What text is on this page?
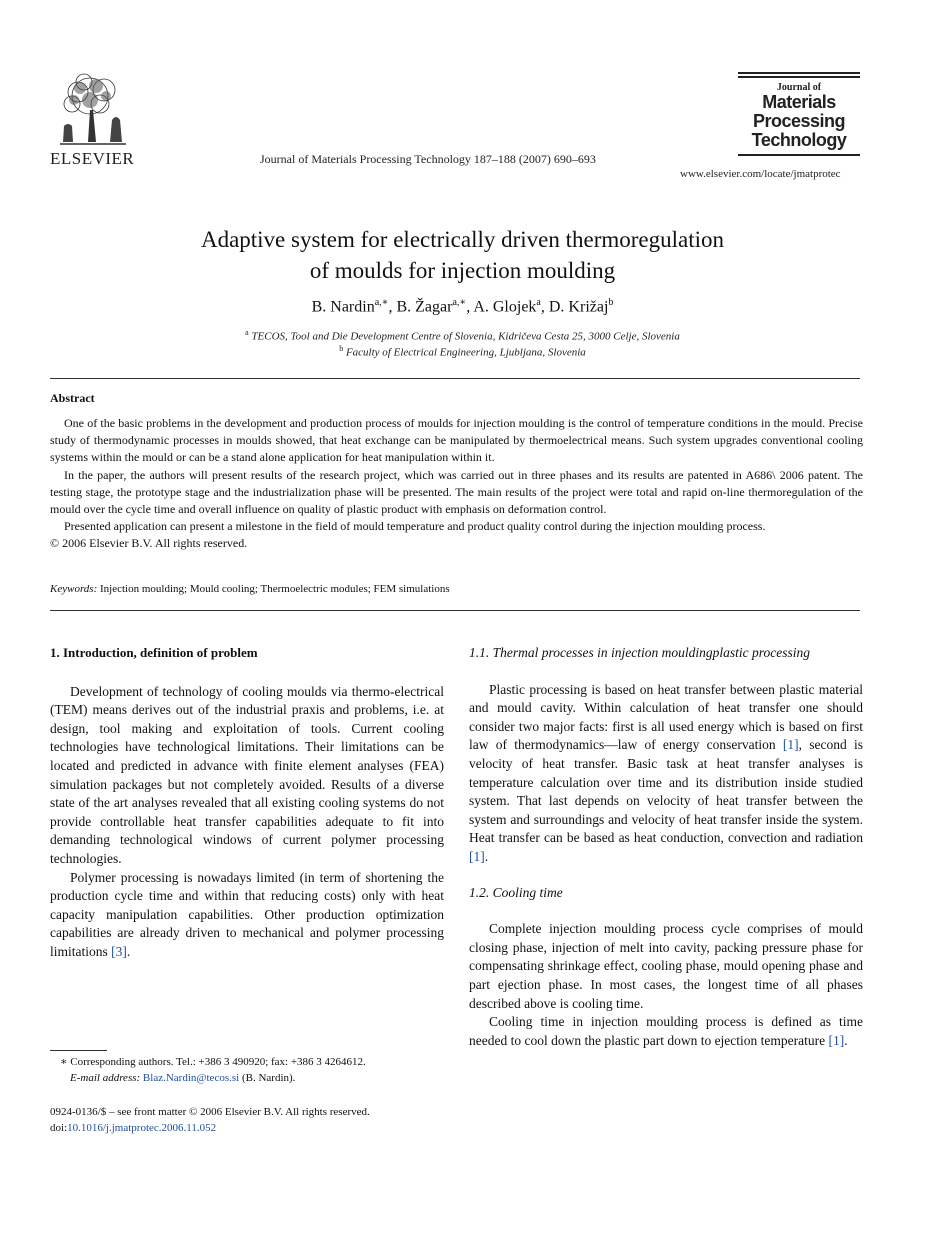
ELSEVIER	Journal of Materials Processing Technology 187–188 (2007) 690–693
Journal of
Materials
Processing
Technology
www.elsevier.com/locate/jmatprotec
Adaptive system for electrically driven thermoregulation
of moulds for injection moulding
B. Nardin$^{a,∗}$, B. Žagar$^{a,∗}$, A. Glojek$^a$, D. Križaj$^b$
$^a$ TECOS, Tool and Die Development Centre of Slovenia, Kidričeva Cesta 25, 3000 Celje, Slovenia
$^b$ Faculty of Electrical Engineering, Ljubljana, Slovenia
Abstract

One of the basic problems in the development and production process of moulds for injection moulding is the control of temperature conditions in the mould. Precise study of thermodynamic processes in moulds showed, that heat exchange can be manipulated by thermoelectrical means. Such system upgrades conventional cooling systems within the mould or can be a stand alone application for heat manipulation within it.

In the paper, the authors will present results of the research project, which was carried out in three phases and its results are patented in A686\ 2006 patent. The testing stage, the prototype stage and the industrialization phase will be presented. The main results of the project were total and rapid on-line thermoregulation of the mould over the cycle time and overall influence on quality of plastic product with emphasis on deformation control.

Presented application can present a milestone in the field of mould temperature and product quality control during the injection moulding process.

© 2006 Elsevier B.V. All rights reserved.

Keywords: Injection moulding; Mould cooling; Thermoelectric modules; FEM simulations
1. Introduction, definition of problem

Development of technology of cooling moulds via thermo-electrical (TEM) means derives out of the industrial praxis and problems, i.e. at design, tool making and exploitation of tools. Current cooling technologies have technological limitations. Their limitations can be located and predicted in advance with finite element analyses (FEA) simulation packages but not completely avoided. Results of a diverse state of the art analyses revealed that all existing cooling systems do not provide controllable heat transfer capabilities adequate to fit into demanding technological windows of current polymer processing technologies.

Polymer processing is nowadays limited (in term of shortening the production cycle time and within that reducing costs) only with heat capacity manipulation capabilities. Other production optimization capabilities are already driven to mechanical and polymer processing limitations [3].

1.1. Thermal processes in injection mouldingplastic processing

Plastic processing is based on heat transfer between plastic material and mould cavity. Within calculation of heat transfer one should consider two major facts: first is all used energy which is based on first law of thermodynamics—law of energy conservation [1], second is velocity of heat transfer. Basic task at heat transfer analyses is temperature calculation over time and its distribution inside studied system. That last depends on velocity of heat transfer between the system and surroundings and velocity of heat transfer inside the system. Heat transfer can be based as heat conduction, convection and radiation [1].

1.2. Cooling time

Complete injection moulding process cycle comprises of mould closing phase, injection of melt into cavity, packing pressure phase for compensating shrinkage effect, cooling phase, mould opening phase and part ejection phase. In most cases, the longest time of all phases described above is cooling time.

Cooling time in injection moulding process is defined as time needed to cool down the plastic part down to ejection temperature [1].

∗ Corresponding authors. Tel.: +386 3 490920; fax: +386 3 4264612.
E-mail address: Blaz.Nardin@tecos.si (B. Nardin).
0924-0136/$ – see front matter © 2006 Elsevier B.V. All rights reserved.
doi:10.1016/j.jmatprotec.2006.11.052
